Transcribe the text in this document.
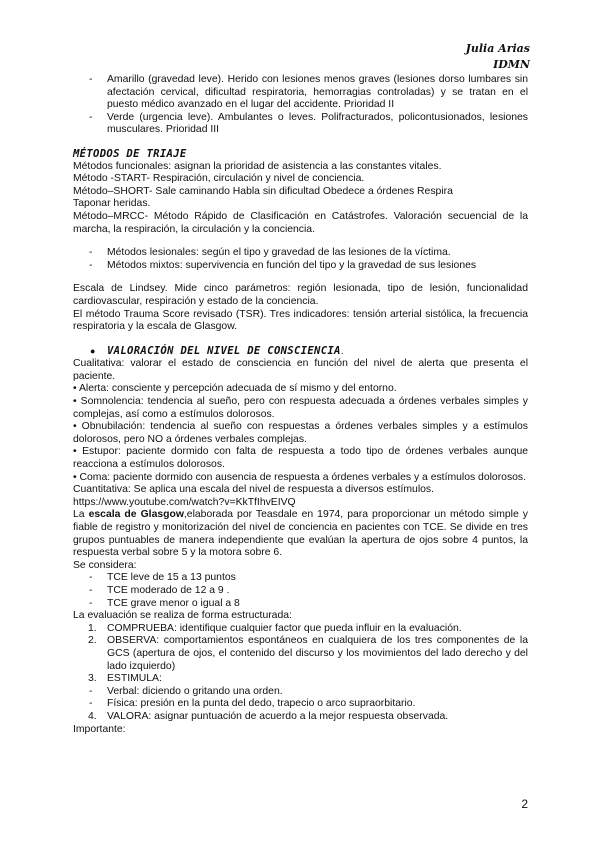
Julia Arias
IDMN

- Amarillo (gravedad leve). Herido con lesiones menos graves (lesiones dorso lumbares sin afectación cervical, dificultad respiratoria, hemorragias controladas) y se tratan en el puesto médico avanzado en el lugar del accidente. Prioridad II

- Verde (urgencia leve). Ambulantes o leves. Polifracturados, policontusionados, lesiones musculares. Prioridad III

MÉTODOS DE TRIAJE

Métodos funcionales: asignan la prioridad de asistencia a las constantes vitales.

Método -START- Respiración, circulación y nivel de conciencia.

Método–SHORT- Sale caminando Habla sin dificultad Obedece a órdenes Respira

Taponar heridas.

Método–MRCC- Método Rápido de Clasificación en Catástrofes. Valoración secuencial de la marcha, la respiración, la circulación y la conciencia.

- Métodos lesionales: según el tipo y gravedad de las lesiones de la víctima.

- Métodos mixtos: supervivencia en función del tipo y la gravedad de sus lesiones

Escala de Lindsey. Mide cinco parámetros: región lesionada, tipo de lesión, funcionalidad cardiovascular, respiración y estado de la conciencia.

El método Trauma Score revisado (TSR). Tres indicadores: tensión arterial sistólica, la frecuencia respiratoria y la escala de Glasgow.

● VALORACIÓN DEL NIVEL DE CONSCIENCIA.

Cualitativa: valorar el estado de consciencia en función del nivel de alerta que presenta el paciente.

• Alerta: consciente y percepción adecuada de sí mismo y del entorno.

• Somnolencia: tendencia al sueño, pero con respuesta adecuada a órdenes verbales simples y complejas, así como a estímulos dolorosos.

• Obnubilación: tendencia al sueño con respuestas a órdenes verbales simples y a estímulos dolorosos, pero NO a órdenes verbales complejas.

• Estupor: paciente dormido con falta de respuesta a todo tipo de órdenes verbales aunque reacciona a estímulos dolorosos.

• Coma: paciente dormido con ausencia de respuesta a órdenes verbales y a estímulos dolorosos.

Cuantitativa: Se aplica una escala del nivel de respuesta a diversos estímulos.

https://www.youtube.com/watch?v=KkTfIhvEIVQ

La escala de Glasgow,elaborada por Teasdale en 1974, para proporcionar un método simple y fiable de registro y monitorización del nivel de conciencia en pacientes con TCE. Se divide en tres grupos puntuables de manera independiente que evalúan la apertura de ojos sobre 4 puntos, la respuesta verbal sobre 5 y la motora sobre 6.

Se considera:

- TCE leve de 15 a 13 puntos

- TCE moderado de 12 a 9 .

- TCE grave menor o igual a 8

La evaluación se realiza de forma estructurada:

1. COMPRUEBA: identifique cualquier factor que pueda influir en la evaluación.

2. OBSERVA: comportamientos espontáneos en cualquiera de los tres componentes de la GCS (apertura de ojos, el contenido del discurso y los movimientos del lado derecho y del lado izquierdo)

3. ESTIMULA:

- Verbal: diciendo o gritando una orden.

- Física: presión en la punta del dedo, trapecio o arco supraorbitario.

4. VALORA: asignar puntuación de acuerdo a la mejor respuesta observada.

Importante:

2
